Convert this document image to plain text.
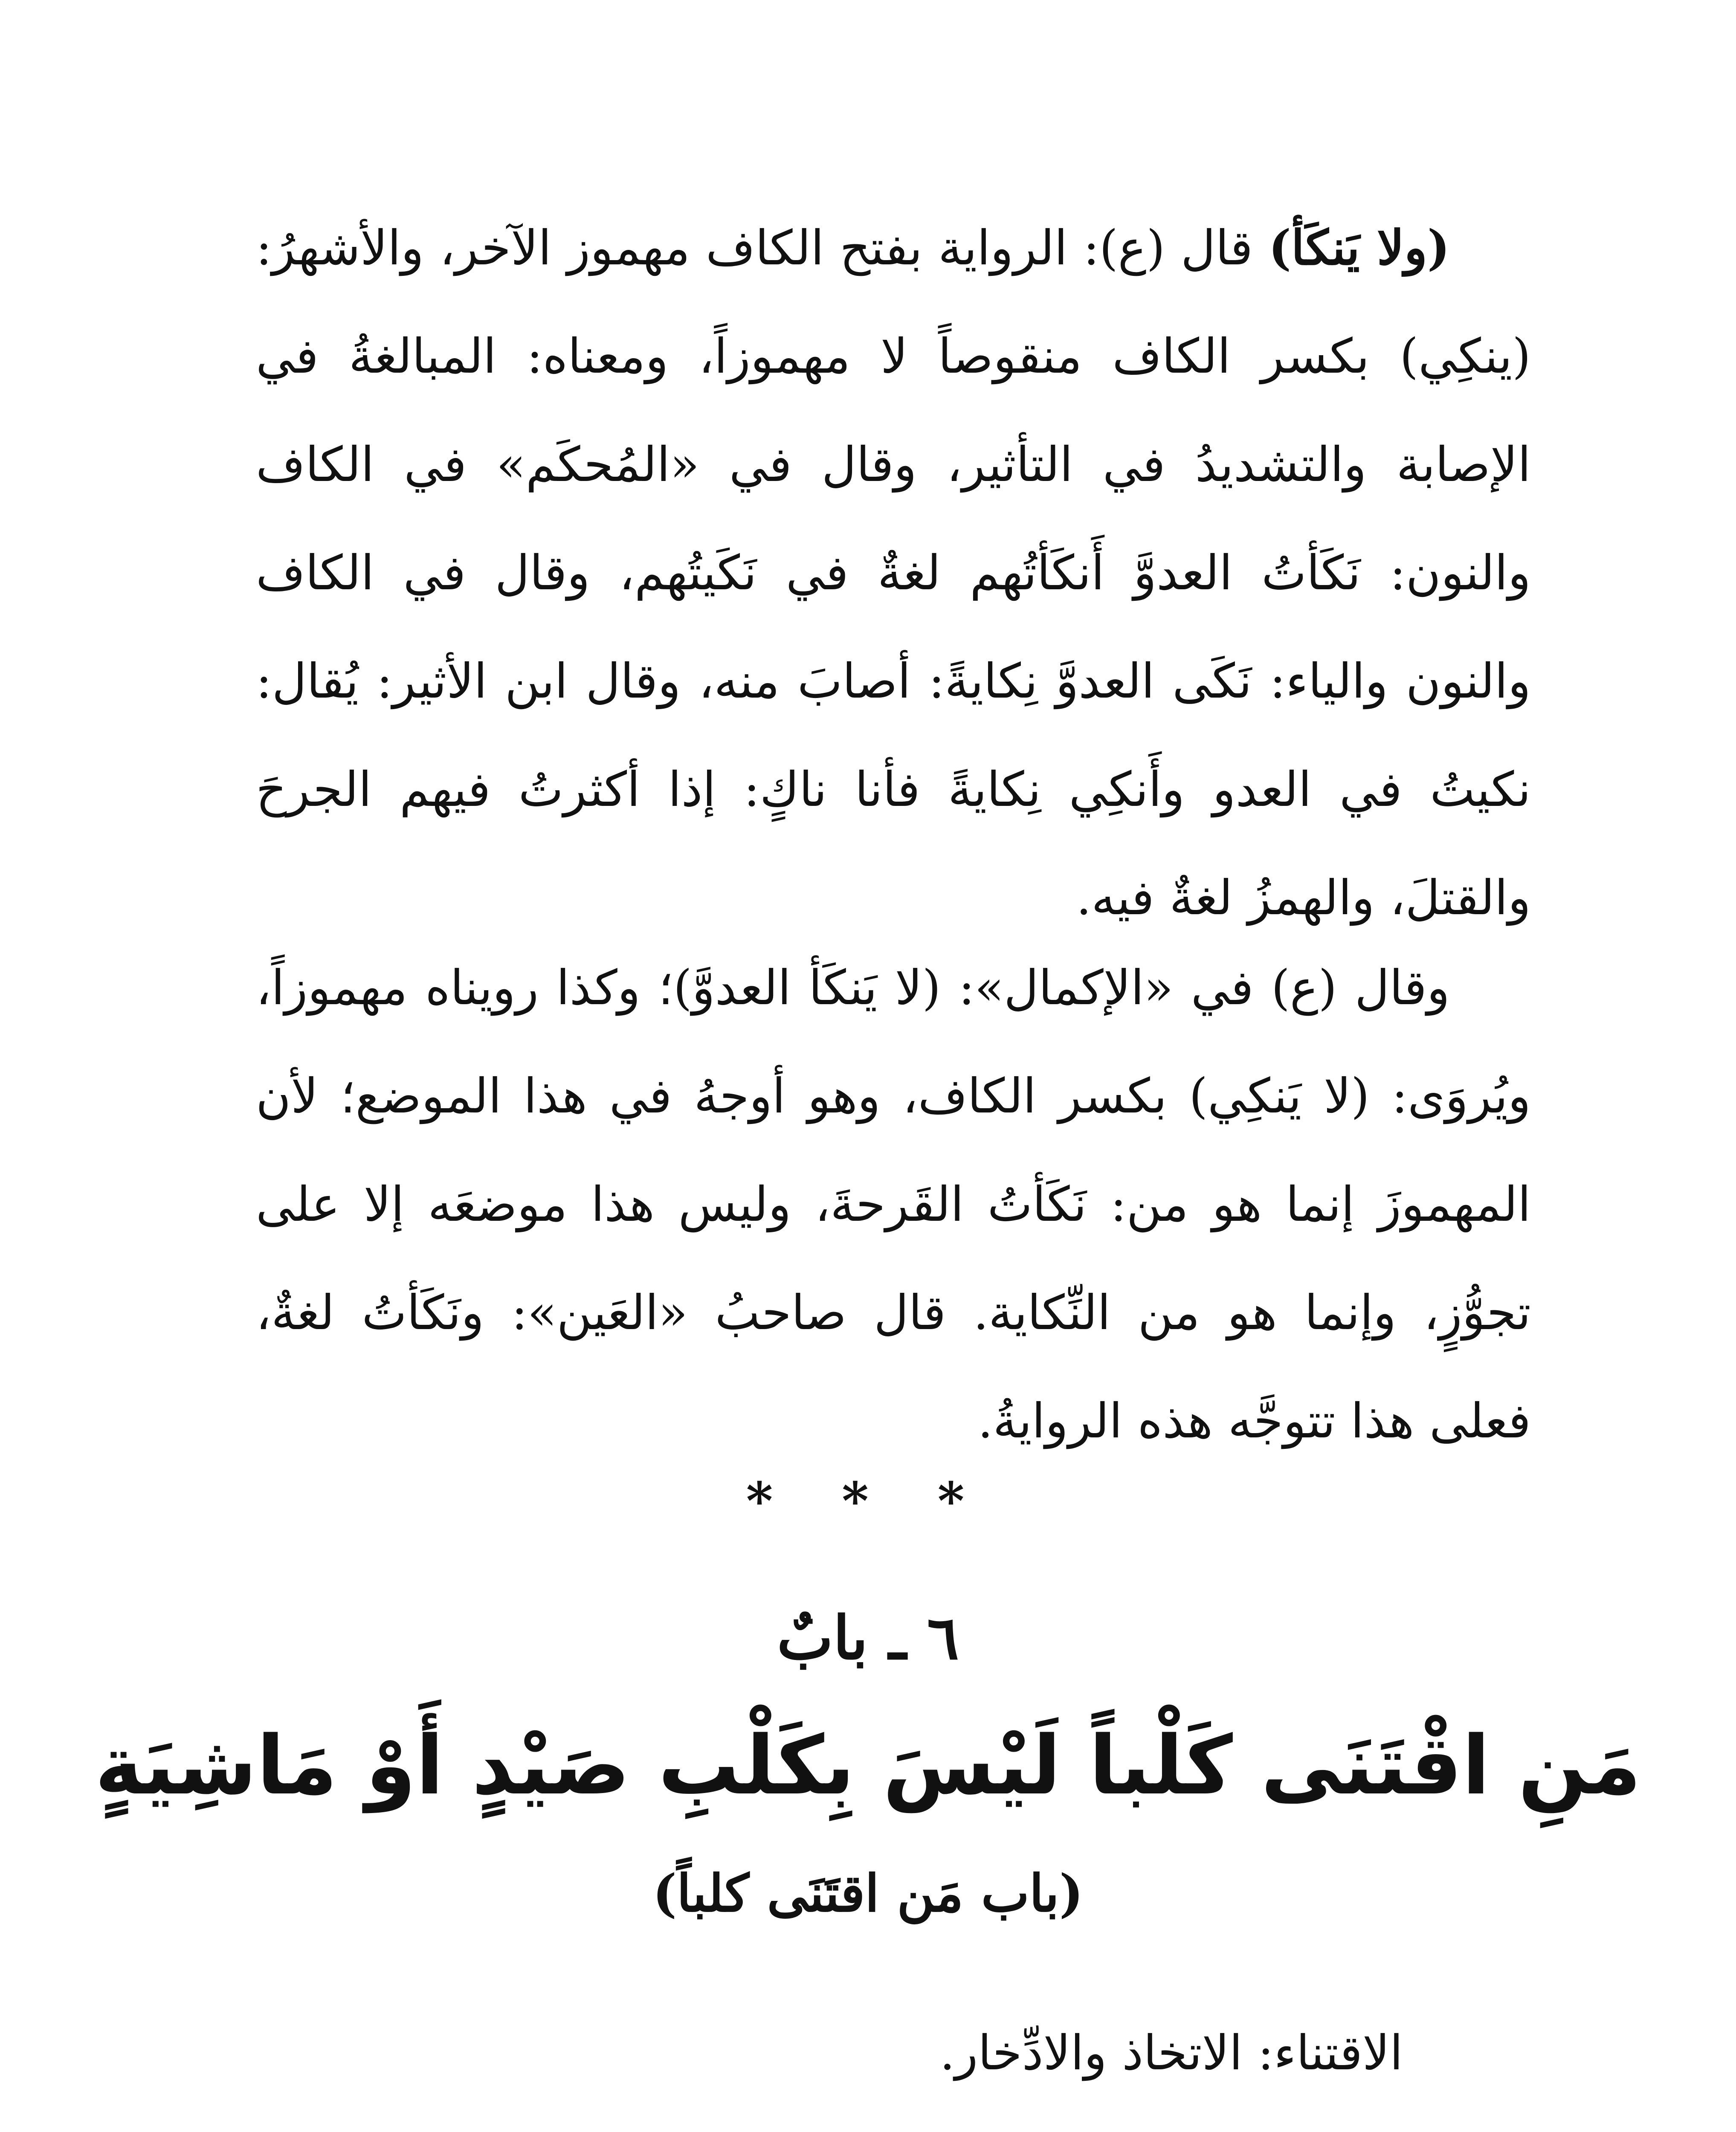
(ولا يَنكَأ) قال (ع): الرواية بفتح الكاف مهموز الآخر، والأشهرُ: (ينكِي) بكسر الكاف منقوصاً لا مهموزاً، ومعناه: المبالغةُ في الإصابة والتشديدُ في التأثير، وقال في «المُحكَم» في الكاف والنون: نَكَأتُ العدوَّ أَنكَأتُهم لغةٌ في نَكَيتُهم، وقال في الكاف والنون والياء: نَكَى العدوَّ نِكايةً: أصابَ منه، وقال ابن الأثير: يُقال: نكيتُ في العدو وأَنكِي نِكايةً فأنا ناكٍ: إذا أكثرتُ فيهم الجرحَ والقتلَ، والهمزُ لغةٌ فيه.

وقال (ع) في «الإكمال»: (لا يَنكَأ العدوَّ)؛ وكذا رويناه مهموزاً، ويُروَى: (لا يَنكِي) بكسر الكاف، وهو أوجهُ في هذا الموضع؛ لأن المهموزَ إنما هو من: نَكَأتُ القَرحةَ، وليس هذا موضعَه إلا على تجوُّزٍ، وإنما هو من النِّكاية. قال صاحبُ «العَين»: ونَكَأتُ لغةٌ، فعلى هذا تتوجَّه هذه الروايةُ.

* * *
٦ ـ بابٌ
مَنِ اقْتَنَى كَلْباً لَيْسَ بِكَلْبِ صَيْدٍ أَوْ مَاشِيَةٍ
(باب مَن اقتَنَى كلباً)
الاقتناء: الاتخاذ والادِّخار.
